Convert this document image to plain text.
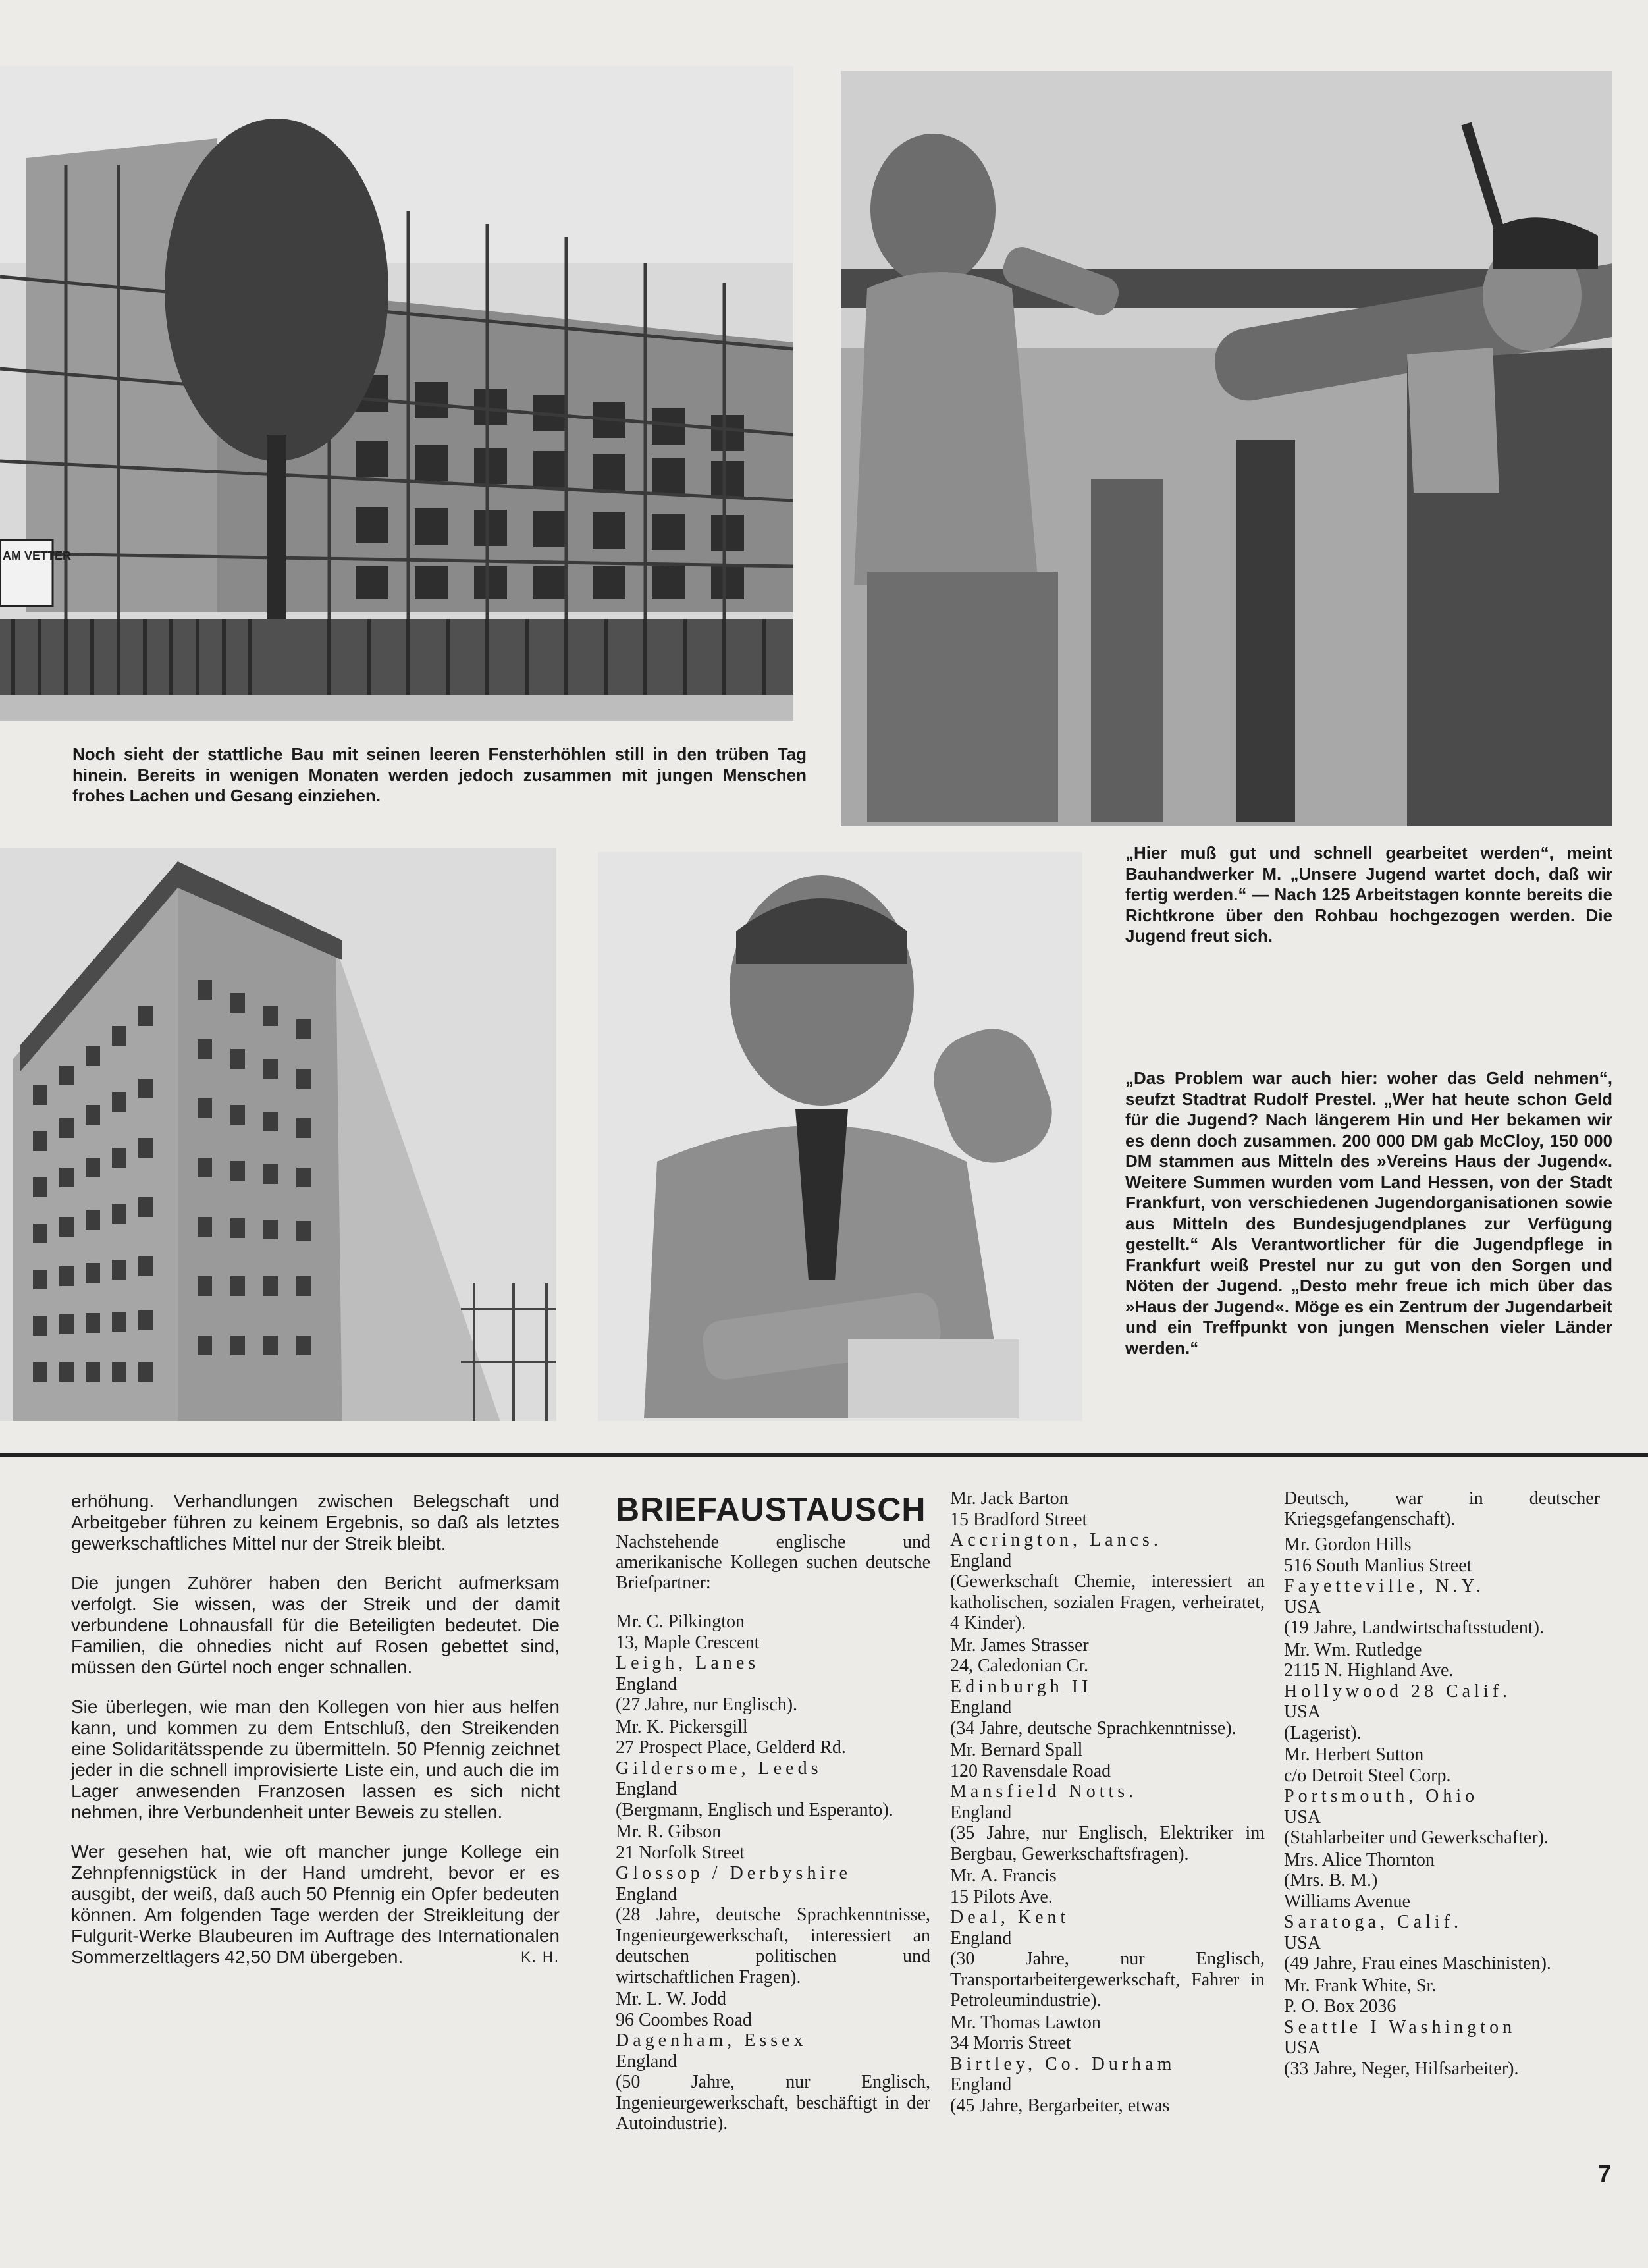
AM VETTER

Noch sieht der stattliche Bau mit seinen leeren Fensterhöhlen still in den trüben Tag hinein. Bereits in wenigen Monaten werden jedoch zusammen mit jungen Menschen frohes Lachen und Gesang einziehen.

„Hier muß gut und schnell gearbeitet werden“, meint Bauhandwerker M. „Unsere Jugend wartet doch, daß wir fertig werden.“ — Nach 125 Arbeitstagen konnte bereits die Richtkrone über den Rohbau hochgezogen werden. Die Jugend freut sich.

„Das Problem war auch hier: woher das Geld nehmen“, seufzt Stadtrat Rudolf Prestel. „Wer hat heute schon Geld für die Jugend? Nach längerem Hin und Her bekamen wir es denn doch zusammen. 200 000 DM gab McCloy, 150 000 DM stammen aus Mitteln des »Vereins Haus der Jugend«. Weitere Summen wurden vom Land Hessen, von der Stadt Frankfurt, von verschiedenen Jugendorganisationen sowie aus Mitteln des Bundesjugendplanes zur Verfügung gestellt.“ Als Verantwortlicher für die Jugendpflege in Frankfurt weiß Prestel nur zu gut von den Sorgen und Nöten der Jugend. „Desto mehr freue ich mich über das »Haus der Jugend«. Möge es ein Zentrum der Jugendarbeit und ein Treffpunkt von jungen Menschen vieler Länder werden.“

erhöhung. Verhandlungen zwischen Belegschaft und Arbeitgeber führen zu keinem Ergebnis, so daß als letztes gewerkschaftliches Mittel nur der Streik bleibt.

Die jungen Zuhörer haben den Bericht aufmerksam verfolgt. Sie wissen, was der Streik und der damit verbundene Lohnausfall für die Beteiligten bedeutet. Die Familien, die ohnedies nicht auf Rosen gebettet sind, müssen den Gürtel noch enger schnallen.

Sie überlegen, wie man den Kollegen von hier aus helfen kann, und kommen zu dem Entschluß, den Streikenden eine Solidaritätsspende zu übermitteln. 50 Pfennig zeichnet jeder in die schnell improvisierte Liste ein, und auch die im Lager anwesenden Franzosen lassen es sich nicht nehmen, ihre Verbundenheit unter Beweis zu stellen.

Wer gesehen hat, wie oft mancher junge Kollege ein Zehnpfennigstück in der Hand umdreht, bevor er es ausgibt, der weiß, daß auch 50 Pfennig ein Opfer bedeuten können. Am folgenden Tage werden der Streikleitung der Fulgurit-Werke Blaubeuren im Auftrage des Internationalen Sommerzeltlagers 42,50 DM übergeben.	K. H.

BRIEFAUSTAUSCH

Nachstehende englische und amerikanische Kollegen suchen deutsche Briefpartner:

Mr. C. Pilkington
13, Maple Crescent
Leigh, Lanes
England
(27 Jahre, nur Englisch).
Mr. K. Pickersgill
27 Prospect Place, Gelderd Rd.
Gildersome, Leeds
England
(Bergmann, Englisch und Esperanto).
Mr. R. Gibson
21 Norfolk Street
Glossop / Derbyshire
England
(28 Jahre, deutsche Sprachkenntnisse, Ingenieurgewerkschaft, interessiert an deutschen politischen und wirtschaftlichen Fragen).
Mr. L. W. Jodd
96 Coombes Road
Dagenham, Essex
England
(50 Jahre, nur Englisch, Ingenieurgewerkschaft, beschäftigt in der Autoindustrie).
Mr. Jack Barton
15 Bradford Street
Accrington, Lancs.
England
(Gewerkschaft Chemie, interessiert an katholischen, sozialen Fragen, verheiratet, 4 Kinder).
Mr. James Strasser
24, Caledonian Cr.
Edinburgh II
England
(34 Jahre, deutsche Sprachkenntnisse).
Mr. Bernard Spall
120 Ravensdale Road
Mansfield Notts.
England
(35 Jahre, nur Englisch, Elektriker im Bergbau, Gewerkschaftsfragen).
Mr. A. Francis
15 Pilots Ave.
Deal, Kent
England
(30 Jahre, nur Englisch, Transportarbeitergewerkschaft, Fahrer in Petroleumindustrie).
Mr. Thomas Lawton
34 Morris Street
Birtley, Co. Durham
England
(45 Jahre, Bergarbeiter, etwas

Deutsch, war in deutscher Kriegsgefangenschaft).

Mr. Gordon Hills
516 South Manlius Street
Fayetteville, N.Y.
USA
(19 Jahre, Landwirtschaftsstudent).
Mr. Wm. Rutledge
2115 N. Highland Ave.
Hollywood 28 Calif.
USA
(Lagerist).
Mr. Herbert Sutton
c/o Detroit Steel Corp.
Portsmouth, Ohio
USA
(Stahlarbeiter und Gewerkschafter).
Mrs. Alice Thornton
(Mrs. B. M.)
Williams Avenue
Saratoga, Calif.
USA
(49 Jahre, Frau eines Maschinisten).
Mr. Frank White, Sr.
P. O. Box 2036
Seattle I Washington
USA
(33 Jahre, Neger, Hilfsarbeiter).
7
